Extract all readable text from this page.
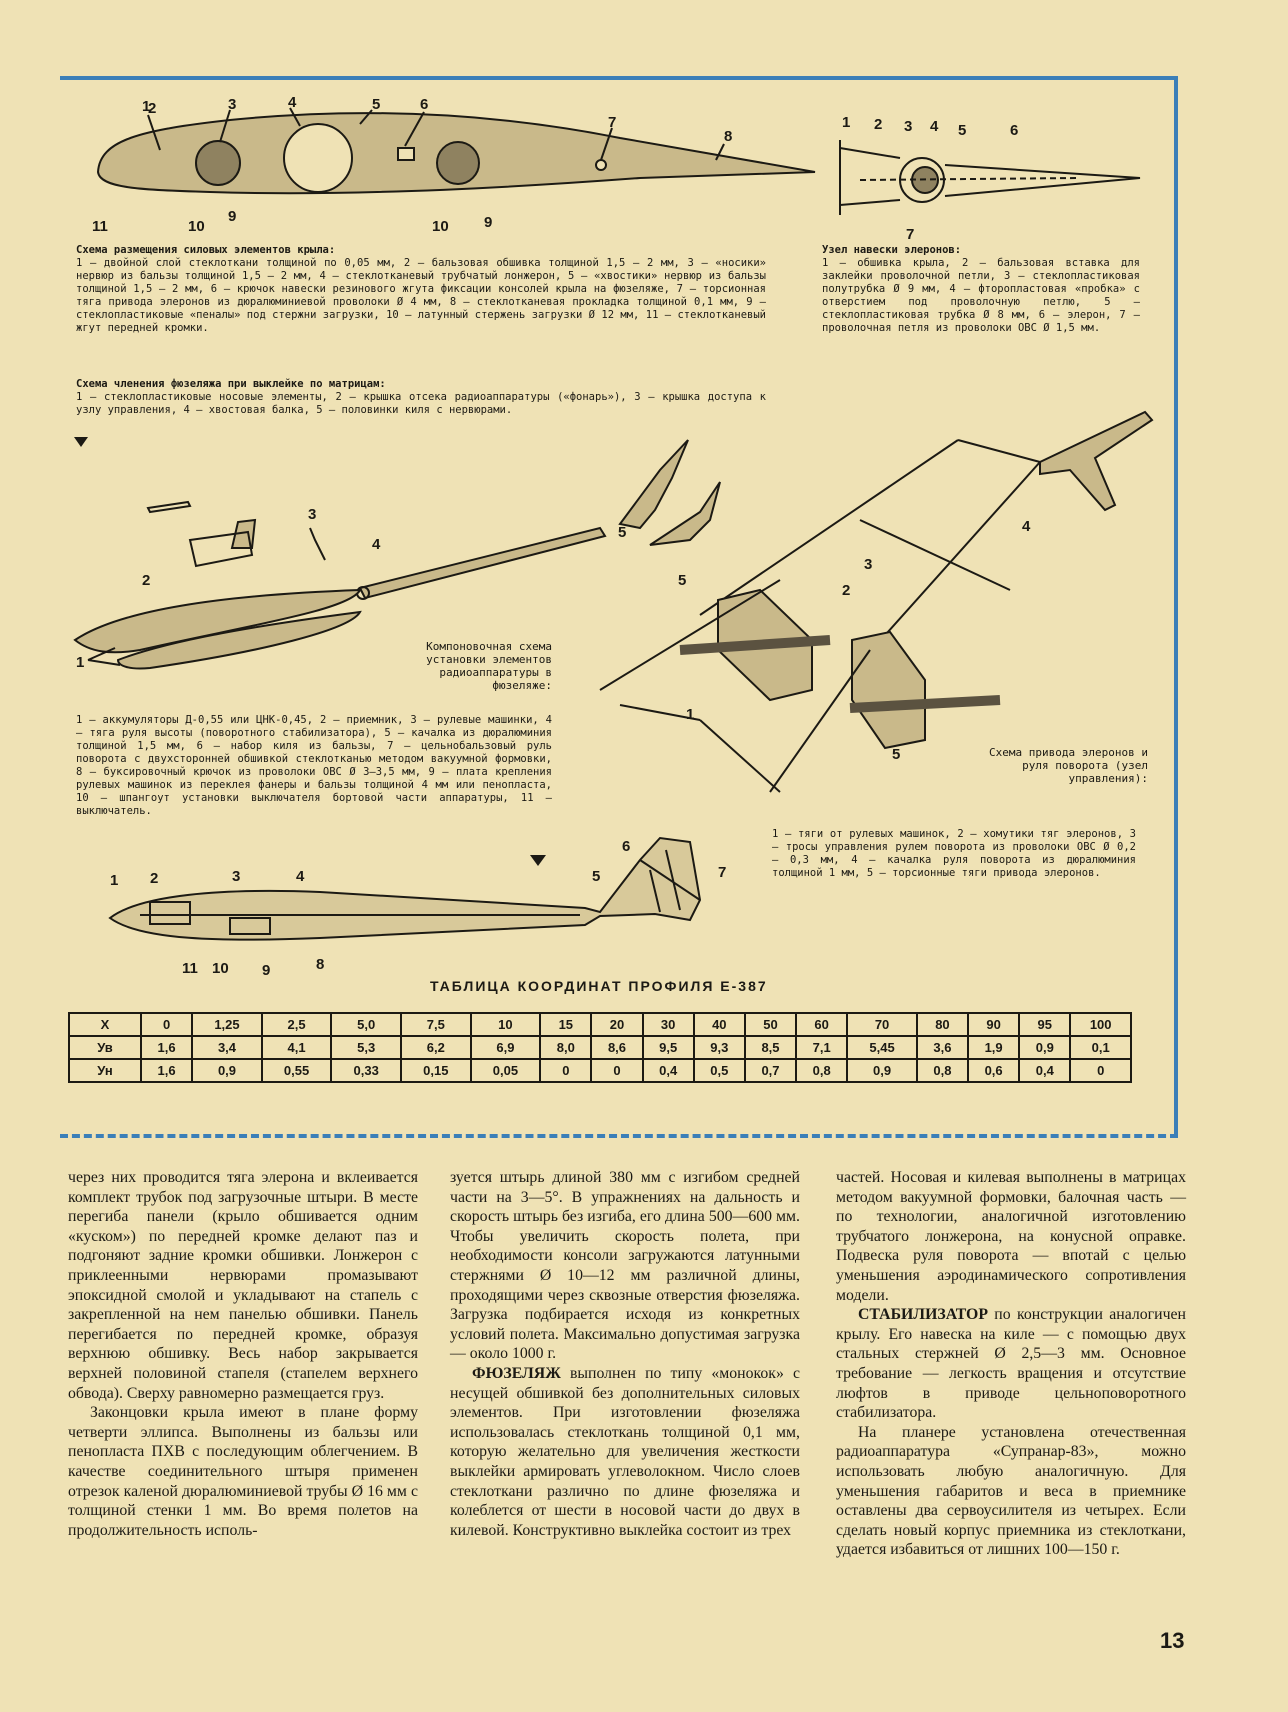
1	3	4	5	6
7
8
2
11	10
9
10 9
Схема размещения силовых элементов крыла:
1 — двойной слой стеклоткани толщиной по 0,05 мм, 2 — бальзовая обшивка толщиной 1,5 — 2 мм, 3 — «носики» нервюр из бальзы толщиной 1,5 — 2 мм, 4 — стеклотканевый трубчатый лонжерон, 5 — «хвостики» нервюр из бальзы толщиной 1,5 — 2 мм, 6 — крючок навески резинового жгута фиксации консолей крыла на фюзеляже, 7 — торсионная тяга привода элеронов из дюралюминиевой проволоки Ø 4 мм, 8 — стеклотканевая прокладка толщиной 0,1 мм, 9 — стеклопластиковые «пеналы» под стержни загрузки, 10 — латунный стержень загрузки Ø 12 мм, 11 — стеклотканевый жгут передней кромки.
1 2 3 4 5	6
7
Узел навески элеронов:
1 — обшивка крыла, 2 — бальзовая вставка для заклейки проволочной петли, 3 — стеклопластиковая полутрубка Ø 9 мм, 4 — фторопластовая «пробка» с отверстием под проволочную петлю, 5 — стеклопластиковая трубка Ø 8 мм, 6 — элерон, 7 — проволочная петля из проволоки ОВС Ø 1,5 мм.
Схема членения фюзеляжа при выклейке по матрицам:
1 — стеклопластиковые носовые элементы, 2 — крышка отсека радиоаппаратуры («фонарь»), 3 — крышка доступа к узлу управления, 4 — хвостовая балка, 5 — половинки киля с нервюрами.
1
2
3
4
5
1
2
3
4
5
5
Компоновочная схема установки элементов радиоаппаратуры в фюзеляже:
1 — аккумуляторы Д-0,55 или ЦНК-0,45, 2 — приемник, 3 — рулевые машинки, 4 — тяга руля высоты (поворотного стабилизатора), 5 — качалка из дюралюминия толщиной 1,5 мм, 6 — набор киля из бальзы, 7 — цельнобальзовый руль поворота с двухсторонней обшивкой стеклотканью методом вакуумной формовки, 8 — буксировочный крючок из проволоки ОВС Ø 3—3,5 мм, 9 — плата крепления рулевых машинок из переклея фанеры и бальзы толщиной 4 мм или пенопласта, 10 — шпангоут установки выключателя бортовой части аппаратуры, 11 — выключатель.
Схема привода элеронов и руля поворота (узел управления):
1 — тяги от рулевых машинок, 2 — хомутики тяг элеронов, 3 — тросы управления рулем поворота из проволоки ОВС Ø 0,2 — 0,3 мм, 4 — качалка руля поворота из дюралюминия толщиной 1 мм, 5 — торсионные тяги привода элеронов.
1 2	3	4
11 10 9	8
6
5	7
ТАБЛИЦА КООРДИНАТ ПРОФИЛЯ Е-387
X	0	1,25	2,5	5,0	7,5	10	15	20	30	40	50	60	70	80	90	95	100
Ув	1,6	3,4	4,1	5,3	6,2	6,9	8,0	8,6	9,5	9,3	8,5	7,1	5,45	3,6	1,9	0,9	0,1
Ун	1,6	0,9	0,55	0,33	0,15	0,05	0	0	0,4	0,5	0,7	0,8	0,9	0,8	0,6	0,4	0

через них проводится тяга элерона и вклеивается комплект трубок под загрузочные штыри. В месте перегиба панели (крыло обшивается одним «куском») по передней кромке делают паз и подгоняют задние кромки обшивки. Лонжерон с приклеенными нервюрами промазывают эпоксидной смолой и укладывают на стапель с закрепленной на нем панелью обшивки. Панель перегибается по передней кромке, образуя верхнюю обшивку. Весь набор закрывается верхней половиной стапеля (стапелем верхнего обвода). Сверху равномерно размещается груз.

Законцовки крыла имеют в плане форму четверти эллипса. Выполнены из бальзы или пенопласта ПХВ с последующим облегчением. В качестве соединительного штыря применен отрезок каленой дюралюминиевой трубы Ø 16 мм с толщиной стенки 1 мм. Во время полетов на продолжительность исполь-

зуется штырь длиной 380 мм с изгибом средней части на 3—5°. В упражнениях на дальность и скорость штырь без изгиба, его длина 500—600 мм. Чтобы увеличить скорость полета, при необходимости консоли загружаются латунными стержнями Ø 10—12 мм различной длины, проходящими через сквозные отверстия фюзеляжа. Загрузка подбирается исходя из конкретных условий полета. Максимально допустимая загрузка — около 1000 г.

ФЮЗЕЛЯЖ выполнен по типу «монокок» с несущей обшивкой без дополнительных силовых элементов. При изготовлении фюзеляжа использовалась стеклоткань толщиной 0,1 мм, которую желательно для увеличения жесткости выклейки армировать углеволокном. Число слоев стеклоткани различно по длине фюзеляжа и колеблется от шести в носовой части до двух в килевой. Конструктивно выклейка состоит из трех

частей. Носовая и килевая выполнены в матрицах методом вакуумной формовки, балочная часть — по технологии, аналогичной изготовлению трубчатого лонжерона, на конусной оправке. Подвеска руля поворота — впотай с целью уменьшения аэродинамического сопротивления модели.

СТАБИЛИЗАТОР по конструкции аналогичен крылу. Его навеска на киле — с помощью двух стальных стержней Ø 2,5—3 мм. Основное требование — легкость вращения и отсутствие люфтов в приводе цельноповоротного стабилизатора.

На планере установлена отечественная радиоаппаратура «Супранар-83», можно использовать любую аналогичную. Для уменьшения габаритов и веса в приемнике оставлены два сервоусилителя из четырех. Если сделать новый корпус приемника из стеклоткани, удается избавиться от лишних 100—150 г.

13
